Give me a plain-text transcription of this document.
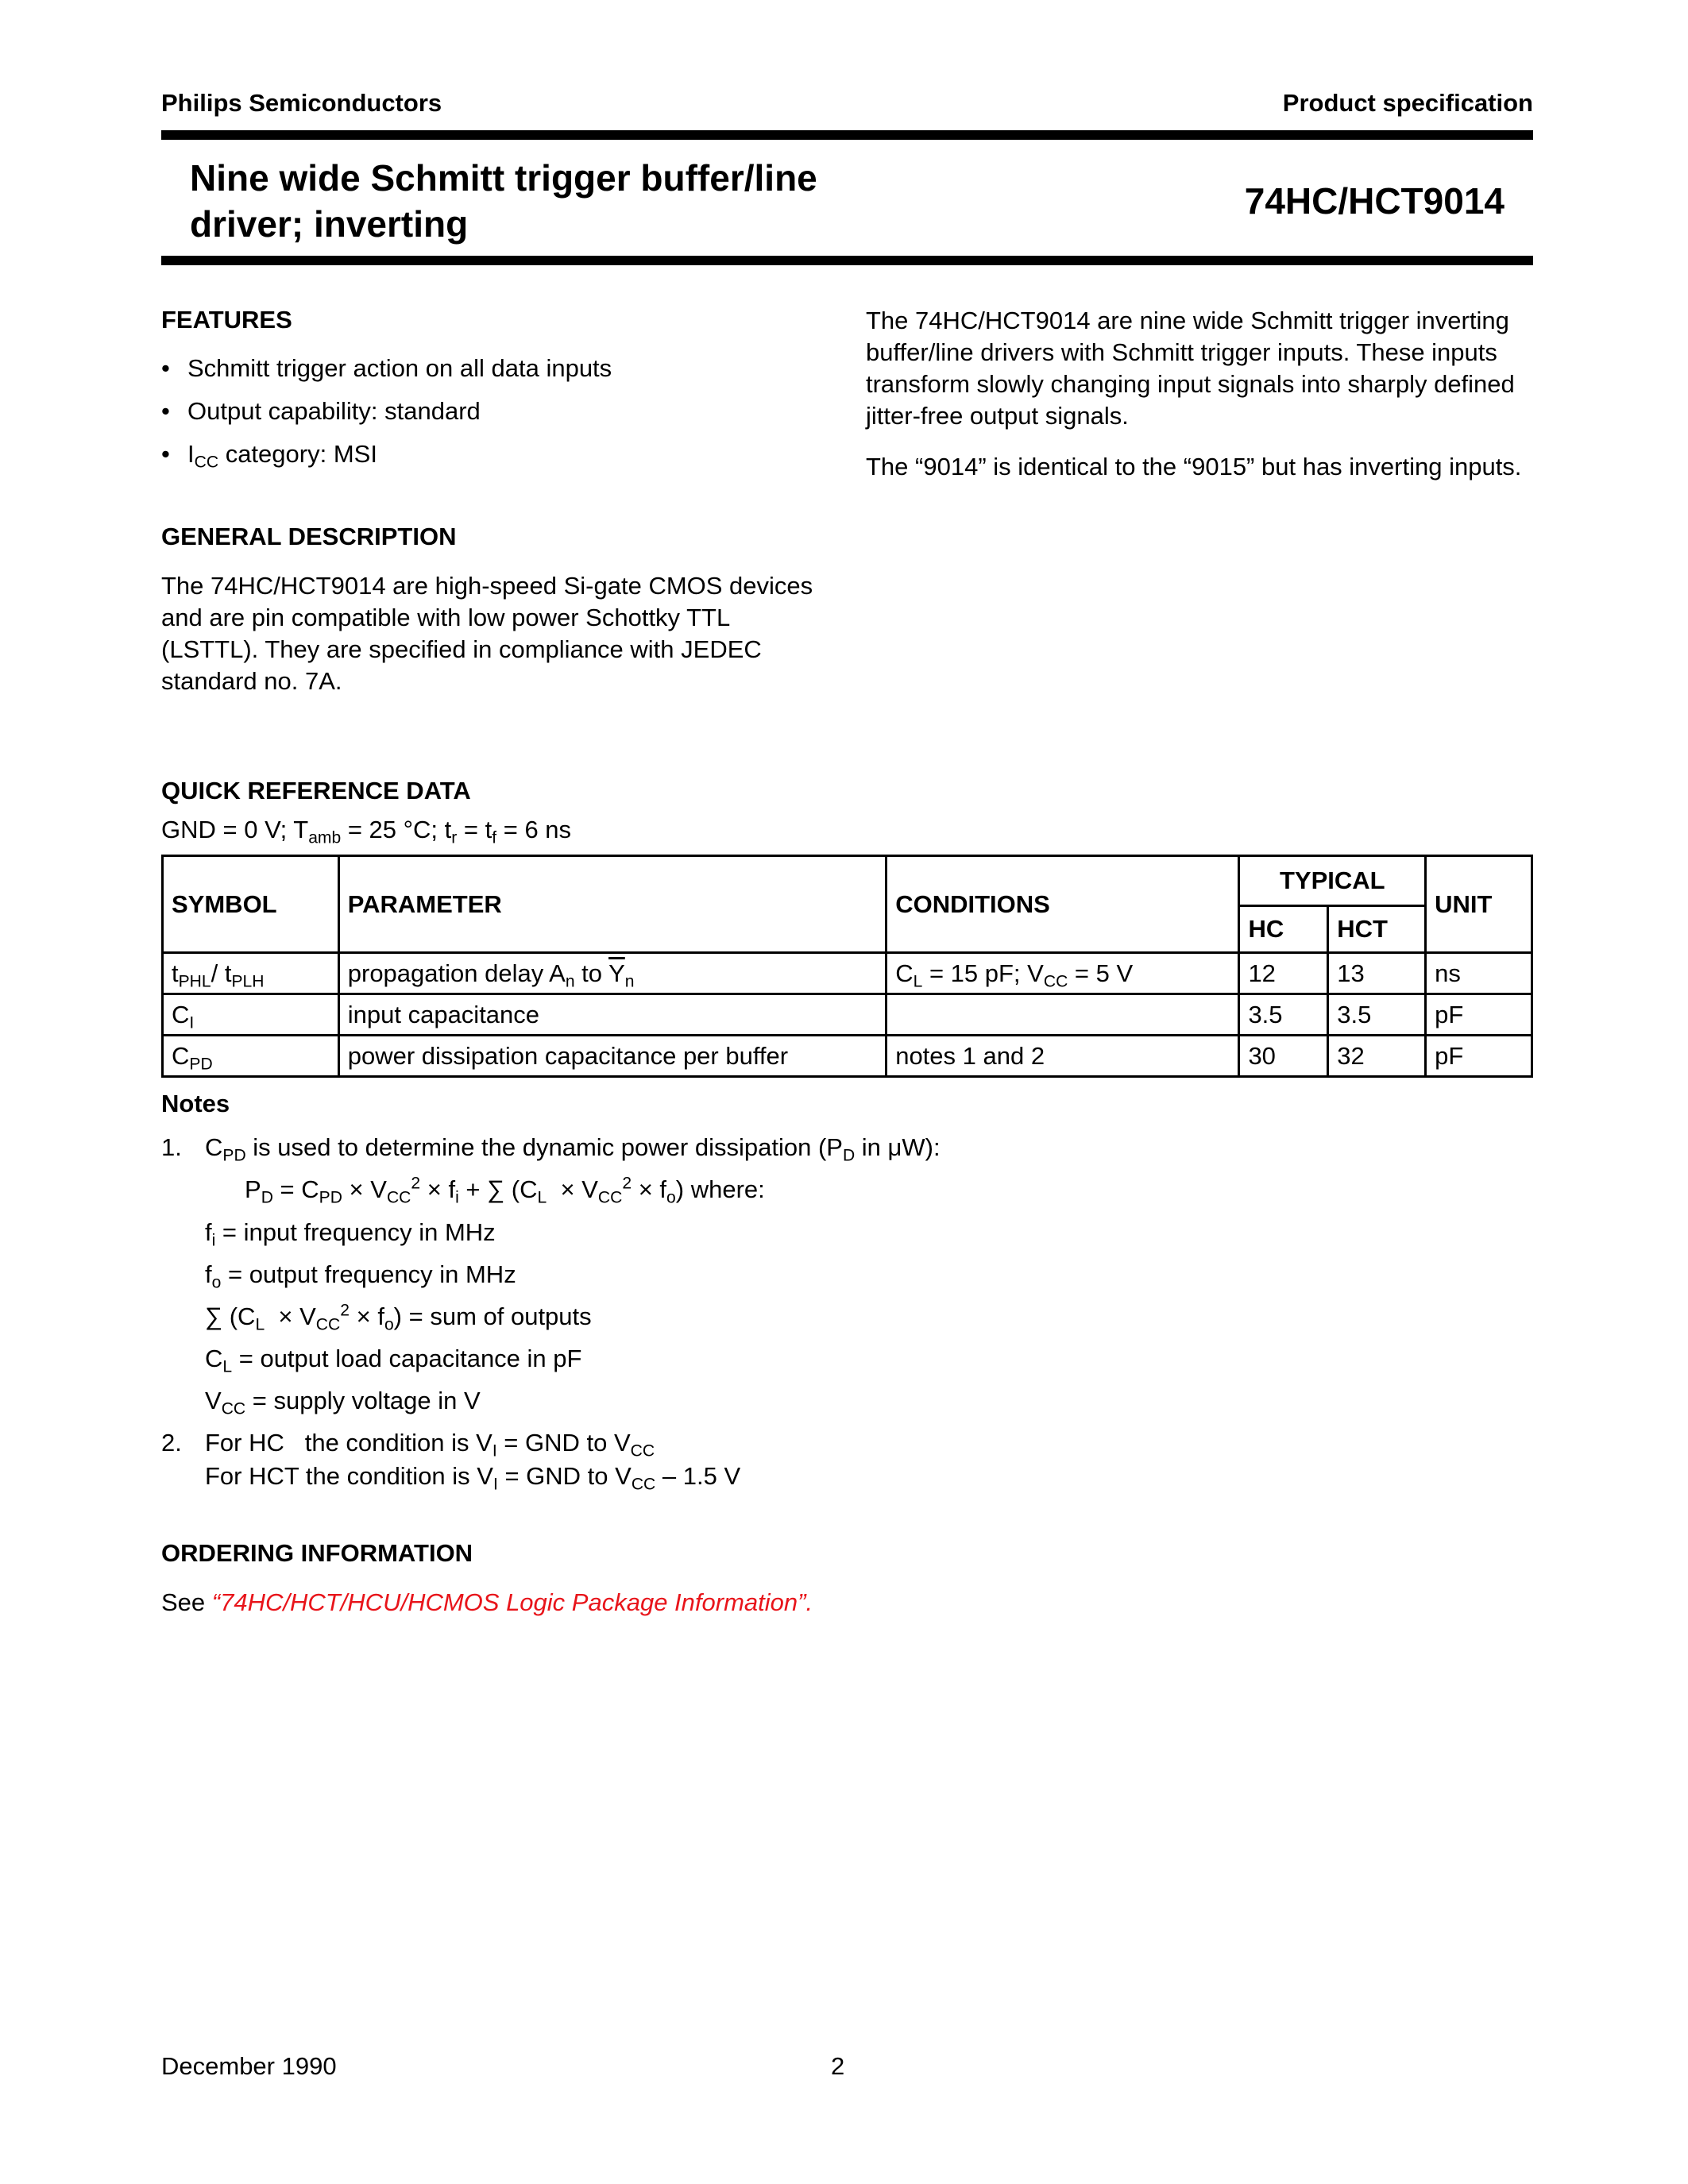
Philips Semiconductors	Product specification
Nine wide Schmitt trigger buffer/line
driver; inverting
74HC/HCT9014
FEATURES
• Schmitt trigger action on all data inputs
• Output capability: standard
• $I_{CC}$ category: MSI
GENERAL DESCRIPTION
The 74HC/HCT9014 are high-speed Si-gate CMOS devices and are pin compatible with low power Schottky TTL (LSTTL). They are specified in compliance with JEDEC standard no. 7A.
The 74HC/HCT9014 are nine wide Schmitt trigger inverting buffer/line drivers with Schmitt trigger inputs. These inputs transform slowly changing input signals into sharply defined jitter-free output signals.
The “9014” is identical to the “9015” but has inverting inputs.
QUICK REFERENCE DATA
GND = 0 V; $T_{amb} = 25$ °C; $t_r = t_f = 6$ ns
SYMBOL	PARAMETER	CONDITIONS	TYPICAL		UNIT
			HC	HCT	
$t_{PHL}/$ $t_{PLH}$	propagation delay $A_n$ to $\overline{Y}_n$	$C_L = 15$ pF; $V_{CC} = 5$ V	12	13	ns
$C_I$	input capacitance		3.5	3.5	pF
$C_{PD}$	power dissipation capacitance per buffer	notes 1 and 2	30	32	pF
Notes
1. $C_{PD}$ is used to determine the dynamic power dissipation ($P_D$ in μW):
$P_D = C_{PD} \times V_{CC}^2 \times f_i$ + ∑ $(C_L \times V_{CC}^2 \times f_o)$ where:
$f_i$ = input frequency in MHz
$f_o$ = output frequency in MHz
∑ $(C_L \times V_{CC}^2 \times f_o)$ = sum of outputs
$C_L$ = output load capacitance in pF
$V_{CC}$ = supply voltage in V
2. For HC   the condition is $V_I$ = GND to $V_{CC}$
For HCT the condition is $V_I$ = GND to $V_{CC} - 1.5$ V
ORDERING INFORMATION
See “74HC/HCT/HCU/HCMOS Logic Package Information”.
December 1990	2
